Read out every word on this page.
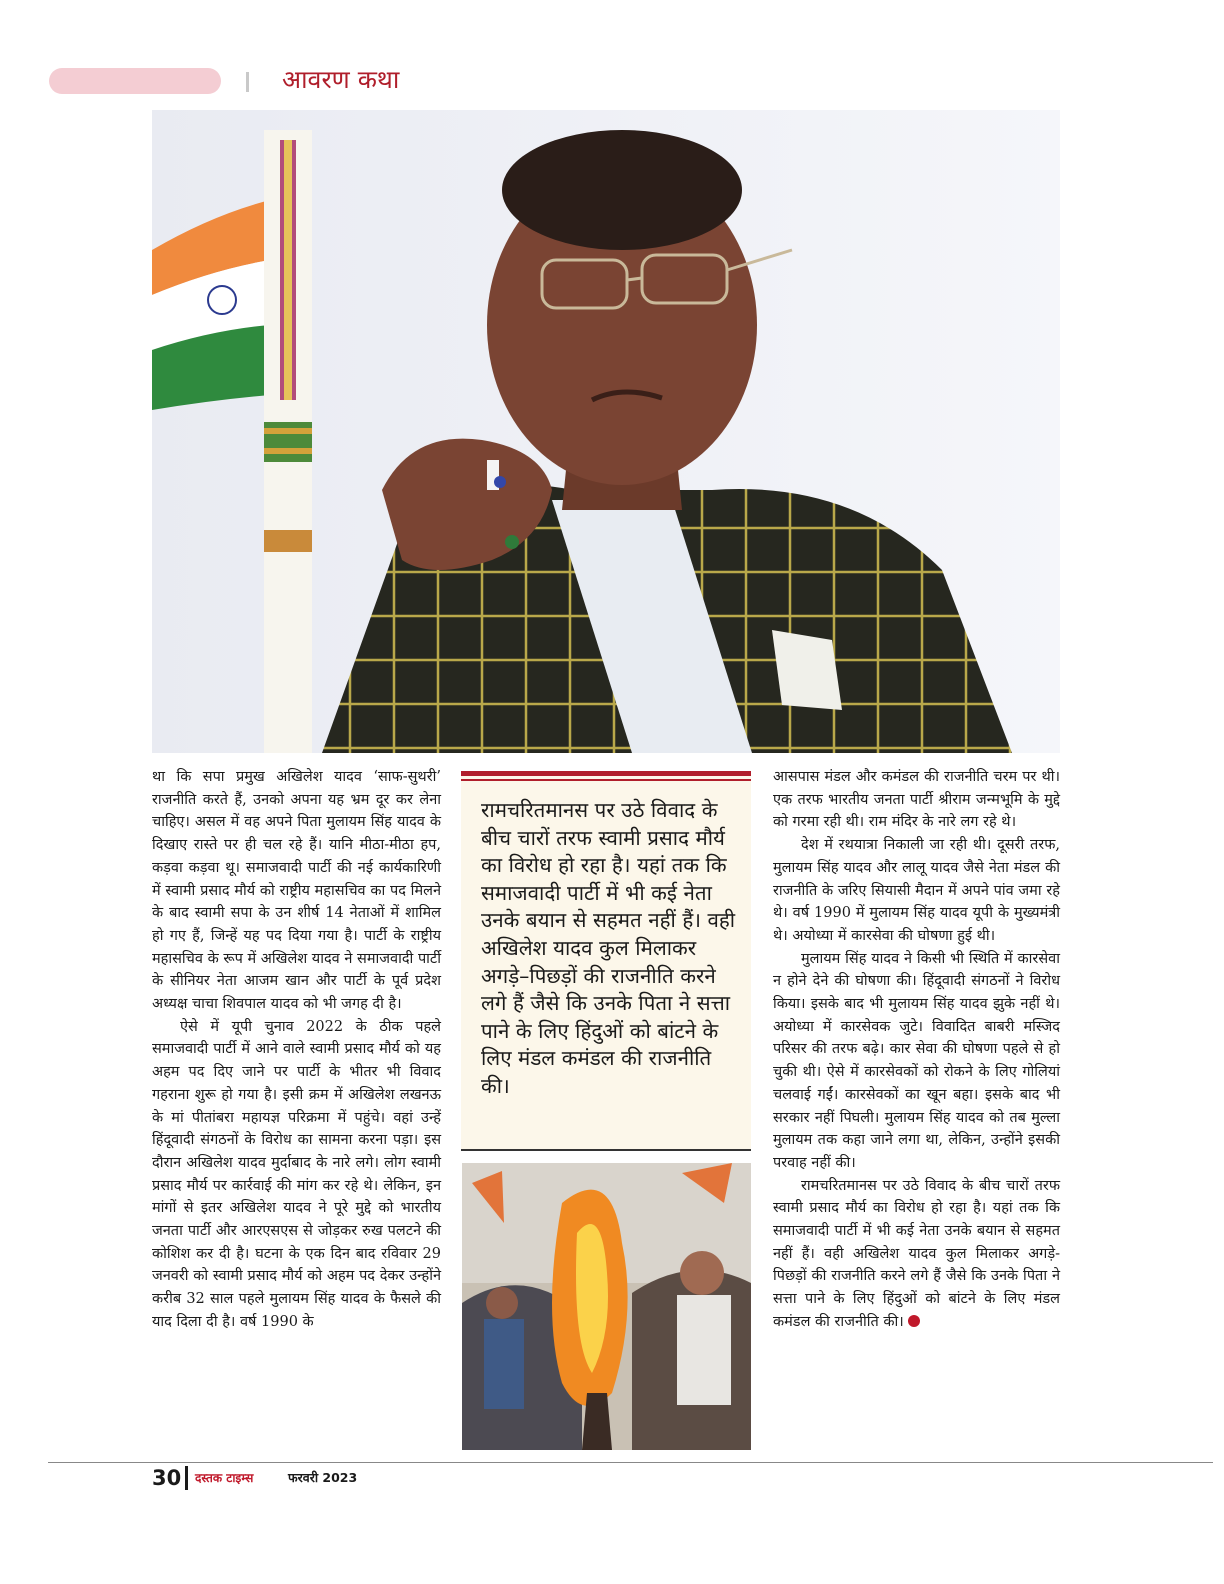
आवरण कथा

था कि सपा प्रमुख अखिलेश यादव ‘साफ-सुथरी’ राजनीति करते हैं, उनको अपना यह भ्रम दूर कर लेना चाहिए। असल में वह अपने पिता मुलायम सिंह यादव के दिखाए रास्ते पर ही चल रहे हैं। यानि मीठा-मीठा हप, कड़वा कड़वा थू। समाजवादी पार्टी की नई कार्यकारिणी में स्वामी प्रसाद मौर्य को राष्ट्रीय महासचिव का पद मिलने के बाद स्वामी सपा के उन शीर्ष 14 नेताओं में शामिल हो गए हैं, जिन्हें यह पद दिया गया है। पार्टी के राष्ट्रीय महासचिव के रूप में अखिलेश यादव ने समाजवादी पार्टी के सीनियर नेता आजम खान और पार्टी के पूर्व प्रदेश अध्यक्ष चाचा शिवपाल यादव को भी जगह दी है।

ऐसे में यूपी चुनाव 2022 के ठीक पहले समाजवादी पार्टी में आने वाले स्वामी प्रसाद मौर्य को यह अहम पद दिए जाने पर पार्टी के भीतर भी विवाद गहराना शुरू हो गया है। इसी क्रम में अखिलेश लखनऊ के मां पीतांबरा महायज्ञ परिक्रमा में पहुंचे। वहां उन्हें हिंदूवादी संगठनों के विरोध का सामना करना पड़ा। इस दौरान अखिलेश यादव मुर्दाबाद के नारे लगे। लोग स्वामी प्रसाद मौर्य पर कार्रवाई की मांग कर रहे थे। लेकिन, इन मांगों से इतर अखिलेश यादव ने पूरे मुद्दे को भारतीय जनता पार्टी और आरएसएस से जोड़कर रुख पलटने की कोशिश कर दी है। घटना के एक दिन बाद रविवार 29 जनवरी को स्वामी प्रसाद मौर्य को अहम पद देकर उन्होंने करीब 32 साल पहले मुलायम सिंह यादव के फैसले की याद दिला दी है। वर्ष 1990 के

रामचरितमानस पर उठे विवाद के बीच चारों तरफ स्वामी प्रसाद मौर्य का विरोध हो रहा है। यहां तक कि समाजवादी पार्टी में भी कई नेता उनके बयान से सहमत नहीं हैं। वही अखिलेश यादव कुल मिलाकर अगड़े–पिछड़ों की राजनीति करने लगे हैं जैसे कि उनके पिता ने सत्ता पाने के लिए हिंदुओं को बांटने के लिए मंडल कमंडल की राजनीति की।

आसपास मंडल और कमंडल की राजनीति चरम पर थी। एक तरफ भारतीय जनता पार्टी श्रीराम जन्मभूमि के मुद्दे को गरमा रही थी। राम मंदिर के नारे लग रहे थे।

देश में रथयात्रा निकाली जा रही थी। दूसरी तरफ, मुलायम सिंह यादव और लालू यादव जैसे नेता मंडल की राजनीति के जरिए सियासी मैदान में अपने पांव जमा रहे थे। वर्ष 1990 में मुलायम सिंह यादव यूपी के मुख्यमंत्री थे। अयोध्या में कारसेवा की घोषणा हुई थी।

मुलायम सिंह यादव ने किसी भी स्थिति में कारसेवा न होने देने की घोषणा की। हिंदूवादी संगठनों ने विरोध किया। इसके बाद भी मुलायम सिंह यादव झुके नहीं थे। अयोध्या में कारसेवक जुटे। विवादित बाबरी मस्जिद परिसर की तरफ बढ़े। कार सेवा की घोषणा पहले से हो चुकी थी। ऐसे में कारसेवकों को रोकने के लिए गोलियां चलवाई गईं। कारसेवकों का खून बहा। इसके बाद भी सरकार नहीं पिघली। मुलायम सिंह यादव को तब मुल्ला मुलायम तक कहा जाने लगा था, लेकिन, उन्होंने इसकी परवाह नहीं की।

रामचरितमानस पर उठे विवाद के बीच चारों तरफ स्वामी प्रसाद मौर्य का विरोध हो रहा है। यहां तक कि समाजवादी पार्टी में भी कई नेता उनके बयान से सहमत नहीं हैं। वही अखिलेश यादव कुल मिलाकर अगड़े-पिछड़ों की राजनीति करने लगे हैं जैसे कि उनके पिता ने सत्ता पाने के लिए हिंदुओं को बांटने के लिए मंडल कमंडल की राजनीति की।

30 दस्तक टाइम्स	फरवरी 2023
